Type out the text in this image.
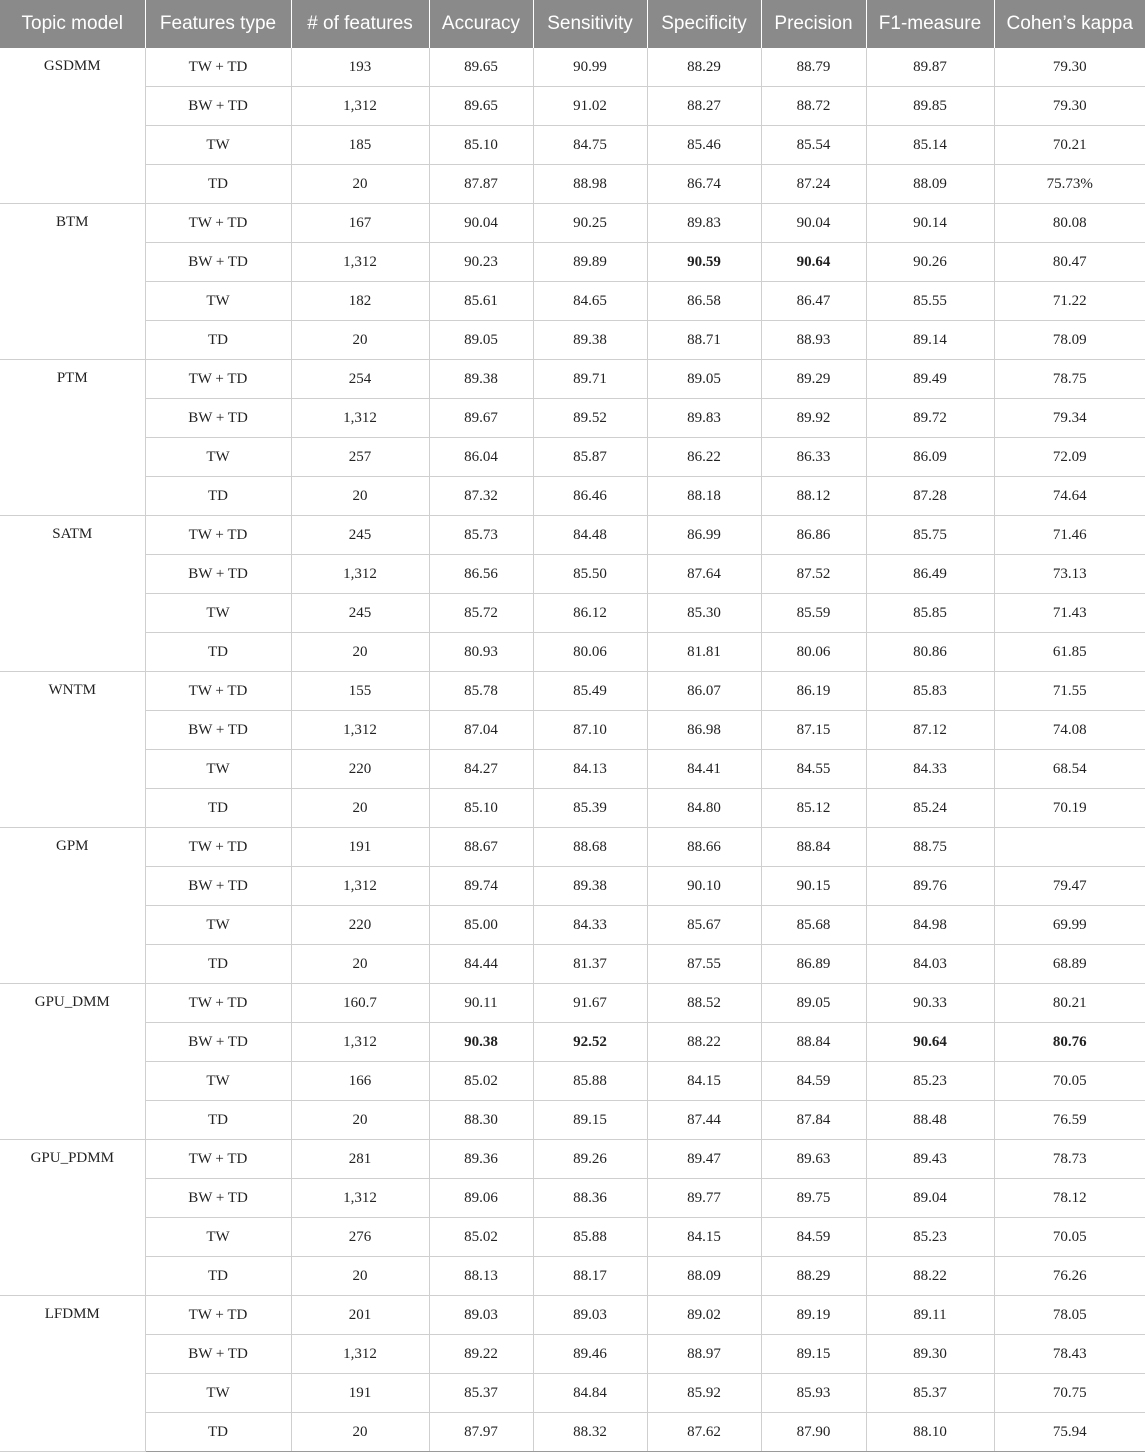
Topic model	Features type	# of features	Accuracy	Sensitivity	Specificity	Precision	F1-measure	Cohen’s kappa
GSDMM	TW + TD	193	89.65	90.99	88.29	88.79	89.87	79.30
	BW + TD	1,312	89.65	91.02	88.27	88.72	89.85	79.30
	TW	185	85.10	84.75	85.46	85.54	85.14	70.21
	TD	20	87.87	88.98	86.74	87.24	88.09	75.73%
BTM	TW + TD	167	90.04	90.25	89.83	90.04	90.14	80.08
	BW + TD	1,312	90.23	89.89	90.59	90.64	90.26	80.47
	TW	182	85.61	84.65	86.58	86.47	85.55	71.22
	TD	20	89.05	89.38	88.71	88.93	89.14	78.09
PTM	TW + TD	254	89.38	89.71	89.05	89.29	89.49	78.75
	BW + TD	1,312	89.67	89.52	89.83	89.92	89.72	79.34
	TW	257	86.04	85.87	86.22	86.33	86.09	72.09
	TD	20	87.32	86.46	88.18	88.12	87.28	74.64
SATM	TW + TD	245	85.73	84.48	86.99	86.86	85.75	71.46
	BW + TD	1,312	86.56	85.50	87.64	87.52	86.49	73.13
	TW	245	85.72	86.12	85.30	85.59	85.85	71.43
	TD	20	80.93	80.06	81.81	80.06	80.86	61.85
WNTM	TW + TD	155	85.78	85.49	86.07	86.19	85.83	71.55
	BW + TD	1,312	87.04	87.10	86.98	87.15	87.12	74.08
	TW	220	84.27	84.13	84.41	84.55	84.33	68.54
	TD	20	85.10	85.39	84.80	85.12	85.24	70.19
GPM	TW + TD	191	88.67	88.68	88.66	88.84	88.75	
	BW + TD	1,312	89.74	89.38	90.10	90.15	89.76	79.47
	TW	220	85.00	84.33	85.67	85.68	84.98	69.99
	TD	20	84.44	81.37	87.55	86.89	84.03	68.89
GPU_DMM	TW + TD	160.7	90.11	91.67	88.52	89.05	90.33	80.21
	BW + TD	1,312	90.38	92.52	88.22	88.84	90.64	80.76
	TW	166	85.02	85.88	84.15	84.59	85.23	70.05
	TD	20	88.30	89.15	87.44	87.84	88.48	76.59
GPU_PDMM	TW + TD	281	89.36	89.26	89.47	89.63	89.43	78.73
	BW + TD	1,312	89.06	88.36	89.77	89.75	89.04	78.12
	TW	276	85.02	85.88	84.15	84.59	85.23	70.05
	TD	20	88.13	88.17	88.09	88.29	88.22	76.26
LFDMM	TW + TD	201	89.03	89.03	89.02	89.19	89.11	78.05
	BW + TD	1,312	89.22	89.46	88.97	89.15	89.30	78.43
	TW	191	85.37	84.84	85.92	85.93	85.37	70.75
	TD	20	87.97	88.32	87.62	87.90	88.10	75.94
